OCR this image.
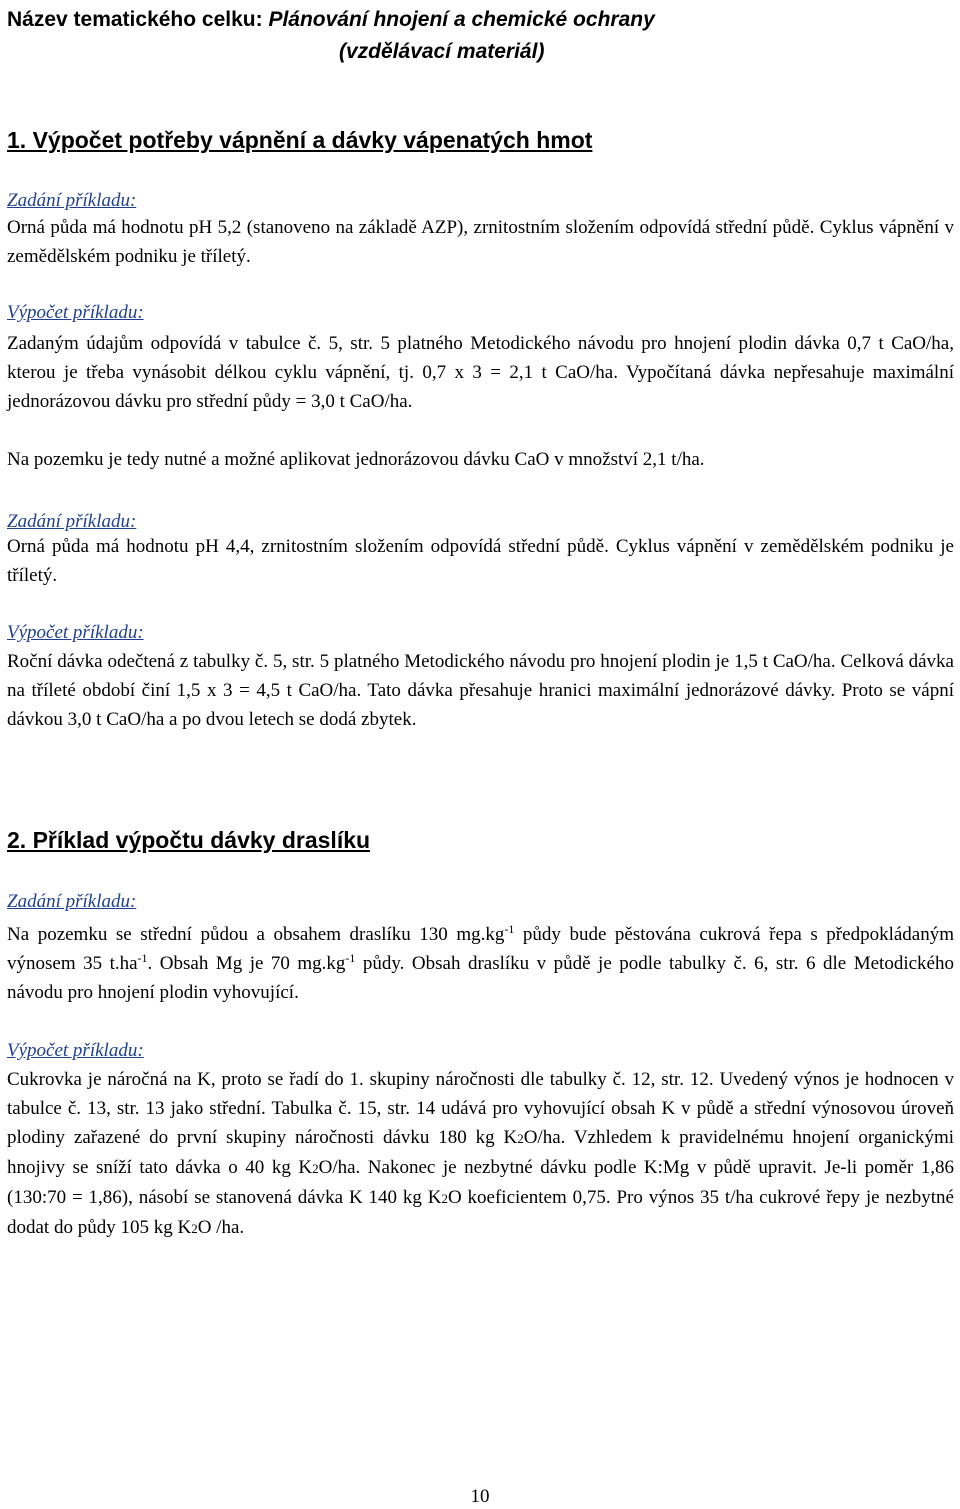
Název tematického celku: Plánování hnojení a chemické ochrany
(vzdělávací materiál)
1. Výpočet potřeby vápnění a dávky vápenatých hmot
Zadání příkladu:
Orná půda má hodnotu pH 5,2 (stanoveno na základě AZP), zrnitostním složením odpovídá střední půdě. Cyklus vápnění v zemědělském podniku je tříletý.
Výpočet příkladu:
Zadaným údajům odpovídá v tabulce č. 5, str. 5 platného Metodického návodu pro hnojení plodin dávka 0,7 t CaO/ha, kterou je třeba vynásobit délkou cyklu vápnění, tj. 0,7 x 3 = 2,1 t CaO/ha. Vypočítaná dávka nepřesahuje maximální jednorázovou dávku pro střední půdy = 3,0 t CaO/ha.
Na pozemku je tedy nutné a možné aplikovat jednorázovou dávku CaO v množství 2,1 t/ha.
Zadání příkladu:
Orná půda má hodnotu pH 4,4, zrnitostním složením odpovídá střední půdě. Cyklus vápnění v zemědělském podniku je tříletý.
Výpočet příkladu:
Roční dávka odečtená z tabulky č. 5, str. 5 platného Metodického návodu pro hnojení plodin je 1,5 t CaO/ha. Celková dávka na tříleté období činí 1,5 x 3 = 4,5 t CaO/ha. Tato dávka přesahuje hranici maximální jednorázové dávky. Proto se vápní dávkou 3,0 t CaO/ha a po dvou letech se dodá zbytek.
2. Příklad výpočtu dávky draslíku
Zadání příkladu:
Na pozemku se střední půdou a obsahem draslíku 130 $mg.kg^{-1}$ půdy bude pěstována cukrová řepa s předpokládaným výnosem 35 $t.ha^{-1}$. Obsah Mg je 70 $mg.kg^{-1}$ půdy. Obsah draslíku v půdě je podle tabulky č. 6, str. 6 dle Metodického návodu pro hnojení plodin vyhovující.
Výpočet příkladu:
Cukrovka je náročná na K, proto se řadí do 1. skupiny náročnosti dle tabulky č. 12, str. 12. Uvedený výnos je hodnocen v tabulce č. 13, str. 13 jako střední. Tabulka č. 15, str. 14 udává pro vyhovující obsah K v půdě a střední výnosovou úroveň plodiny zařazené do první skupiny náročnosti dávku 180 kg K2O/ha. Vzhledem k pravidelnému hnojení organickými hnojivy se sníží tato dávka o 40 kg K2O/ha. Nakonec je nezbytné dávku podle K:Mg v půdě upravit. Je-li poměr 1,86 (130:70 = 1,86), násobí se stanovená dávka K 140 kg K2O koeficientem 0,75. Pro výnos 35 t/ha cukrové řepy je nezbytné dodat do půdy 105 kg K2O /ha.
10
